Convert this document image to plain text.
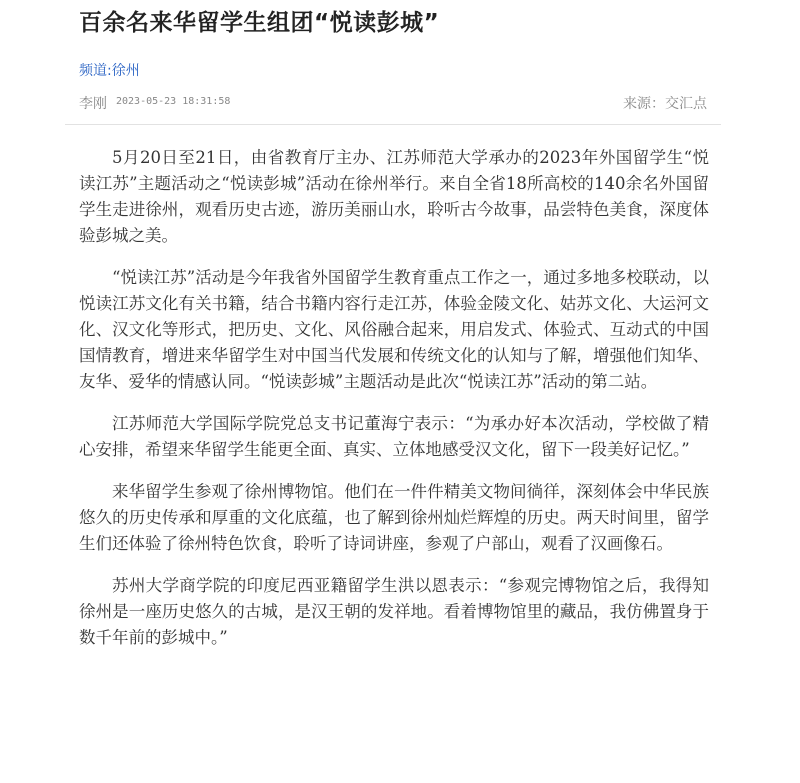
百余名来华留学生组团“悦读彭城”
频道:徐州
李刚 2023-05-23 18:31:58	来源：交汇点

5月20日至21日，由省教育厅主办、江苏师范大学承办的2023年外国留学生“悦读江苏”主题活动之“悦读彭城”活动在徐州举行。来自全省18所高校的140余名外国留学生走进徐州，观看历史古迹，游历美丽山水，聆听古今故事，品尝特色美食，深度体验彭城之美。

“悦读江苏”活动是今年我省外国留学生教育重点工作之一，通过多地多校联动，以悦读江苏文化有关书籍，结合书籍内容行走江苏，体验金陵文化、姑苏文化、大运河文化、汉文化等形式，把历史、文化、风俗融合起来，用启发式、体验式、互动式的中国国情教育，增进来华留学生对中国当代发展和传统文化的认知与了解，增强他们知华、友华、爱华的情感认同。“悦读彭城”主题活动是此次“悦读江苏”活动的第二站。

江苏师范大学国际学院党总支书记董海宁表示：“为承办好本次活动，学校做了精心安排，希望来华留学生能更全面、真实、立体地感受汉文化，留下一段美好记忆。”

来华留学生参观了徐州博物馆。他们在一件件精美文物间徜徉，深刻体会中华民族悠久的历史传承和厚重的文化底蕴，也了解到徐州灿烂辉煌的历史。两天时间里，留学生们还体验了徐州特色饮食，聆听了诗词讲座，参观了户部山，观看了汉画像石。

苏州大学商学院的印度尼西亚籍留学生洪以恩表示：“参观完博物馆之后，我得知徐州是一座历史悠久的古城，是汉王朝的发祥地。看着博物馆里的藏品，我仿佛置身于数千年前的彭城中。”
